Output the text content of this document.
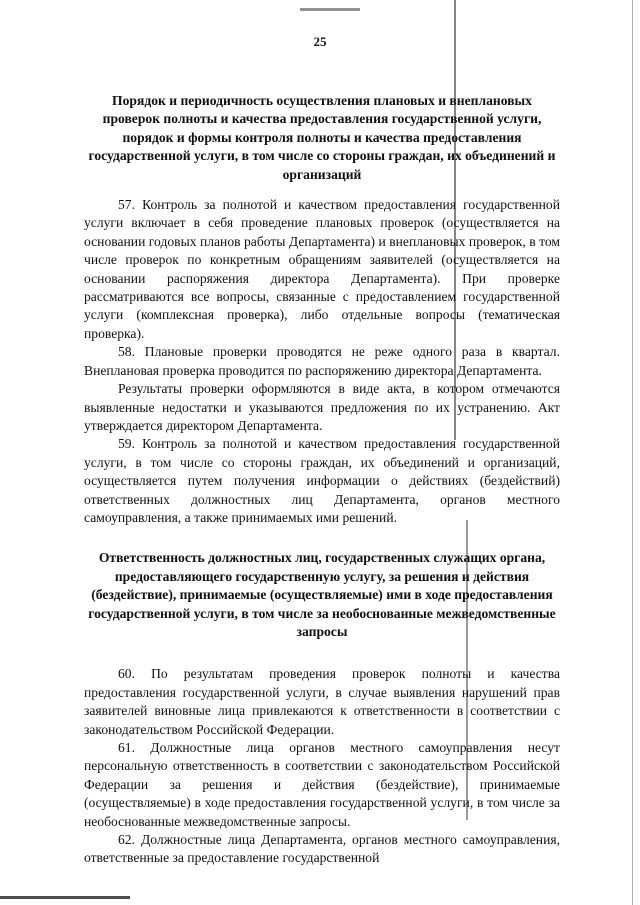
25

Порядок и периодичность осуществления плановых и внеплановых проверок полноты и качества предоставления государственной услуги, порядок и формы контроля полноты и качества предоставления государственной услуги, в том числе со стороны граждан, их объединений и организаций

57. Контроль за полнотой и качеством предоставления государственной услуги включает в себя проведение плановых проверок (осуществляется на основании годовых планов работы Департамента) и внеплановых проверок, в том числе проверок по конкретным обращениям заявителей (осуществляется на основании распоряжения директора Департамента). При проверке рассматриваются все вопросы, связанные с предоставлением государственной услуги (комплексная проверка), либо отдельные вопросы (тематическая проверка).

58. Плановые проверки проводятся не реже одного раза в квартал. Внеплановая проверка проводится по распоряжению директора Департамента.

Результаты проверки оформляются в виде акта, в котором отмечаются выявленные недостатки и указываются предложения по их устранению. Акт утверждается директором Департамента.

59. Контроль за полнотой и качеством предоставления государственной услуги, в том числе со стороны граждан, их объединений и организаций, осуществляется путем получения информации о действиях (бездействий) ответственных должностных лиц Департамента, органов местного самоуправления, а также принимаемых ими решений.

Ответственность должностных лиц, государственных служащих органа, предоставляющего государственную услугу, за решения и действия (бездействие), принимаемые (осуществляемые) ими в ходе предоставления государственной услуги, в том числе за необоснованные межведомственные запросы

60. По результатам проведения проверок полноты и качества предоставления государственной услуги, в случае выявления нарушений прав заявителей виновные лица привлекаются к ответственности в соответствии с законодательством Российской Федерации.

61. Должностные лица органов местного самоуправления несут персональную ответственность в соответствии с законодательством Российской Федерации за решения и действия (бездействие), принимаемые (осуществляемые) в ходе предоставления государственной услуги, в том числе за необоснованные межведомственные запросы.

62. Должностные лица Департамента, органов местного самоуправления, ответственные за предоставление государственной
